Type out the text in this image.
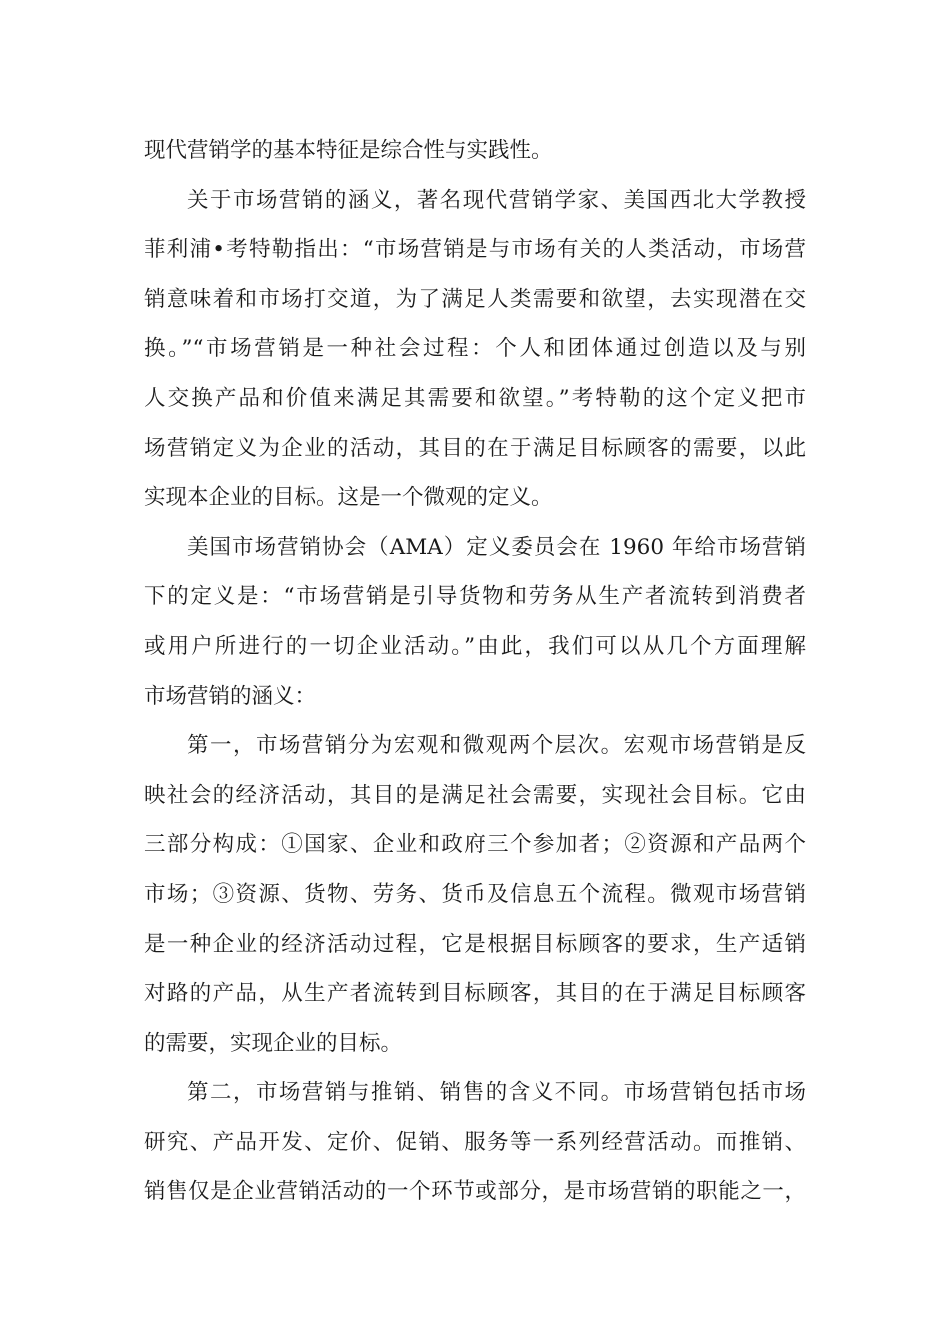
现代营销学的基本特征是综合性与实践性。
关于市场营销的涵义，著名现代营销学家、美国西北大学教授
菲利浦•考特勒指出：“市场营销是与市场有关的人类活动，市场营
销意味着和市场打交道，为了满足人类需要和欲望，去实现潜在交
换。”“市场营销是一种社会过程：个人和团体通过创造以及与别
人交换产品和价值来满足其需要和欲望。”考特勒的这个定义把市
场营销定义为企业的活动，其目的在于满足目标顾客的需要，以此
实现本企业的目标。这是一个微观的定义。
美国市场营销协会（AMA）定义委员会在 1960 年给市场营销
下的定义是：“市场营销是引导货物和劳务从生产者流转到消费者
或用户所进行的一切企业活动。”由此，我们可以从几个方面理解
市场营销的涵义：
第一，市场营销分为宏观和微观两个层次。宏观市场营销是反
映社会的经济活动，其目的是满足社会需要，实现社会目标。它由
三部分构成：①国家、企业和政府三个参加者；②资源和产品两个
市场；③资源、货物、劳务、货币及信息五个流程。微观市场营销
是一种企业的经济活动过程，它是根据目标顾客的要求，生产适销
对路的产品，从生产者流转到目标顾客，其目的在于满足目标顾客
的需要，实现企业的目标。
第二，市场营销与推销、销售的含义不同。市场营销包括市场
研究、产品开发、定价、促销、服务等一系列经营活动。而推销、
销售仅是企业营销活动的一个环节或部分，是市场营销的职能之一，
